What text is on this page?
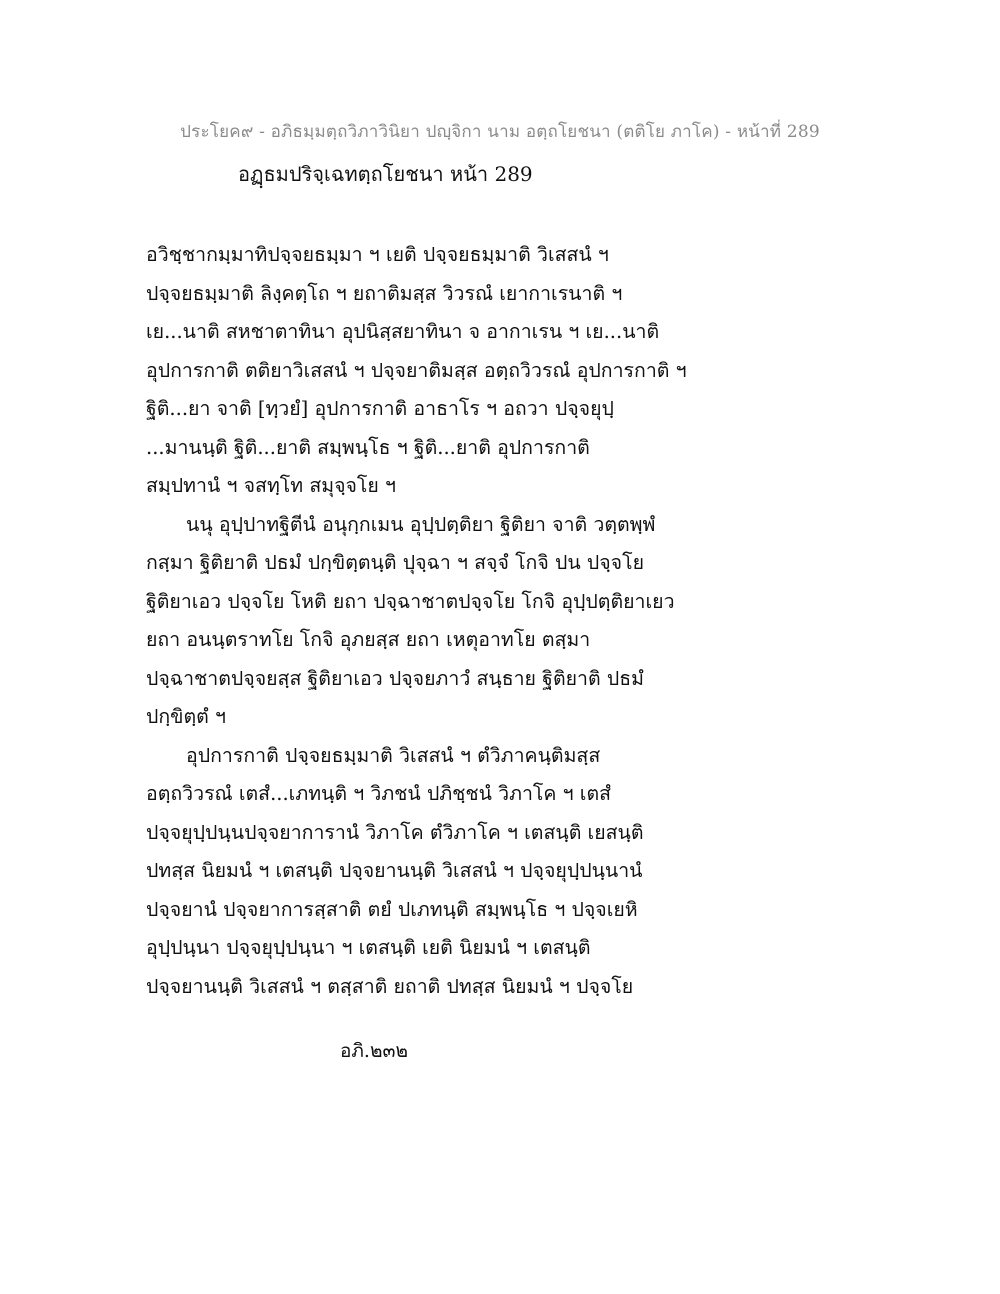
ประโยค๙ - อภิธมฺมตฺถวิภาวินิยา ปญฺจิกา นาม อตฺถโยชนา (ตติโย ภาโค) - หน้าที่ 289
อฏฺธมปริจฺเฉทตฺถโยชนา หน้า 289
อวิชฺชากมฺมาทิปจฺจยธมฺมา ฯ เยติ ปจฺจยธมฺมาติ วิเสสนํ ฯ
ปจฺจยธมฺมาติ ลิงฺคตฺโถ ฯ ยถาติมสฺส วิวรณํ เยากาเรนาติ ฯ
เย...นาติ สหชาตาทินา อุปนิสฺสยาทินา จ อากาเรน ฯ เย...นาติ
อุปการกาติ ตติยาวิเสสนํ ฯ ปจฺจยาติมสฺส อตฺถวิวรณํ อุปการกาติ ฯ
ฐิติ...ยา จาติ [ทฺวยํ] อุปการกาติ อาธาโร ฯ อถวา ปจฺจยุปฺ
...มานนฺติ ฐิติ...ยาติ สมฺพนฺโธ ฯ ฐิติ...ยาติ อุปการกาติ
สมฺปทานํ ฯ จสทฺโท สมุจฺจโย ฯ
นนุ อุปฺปาทฐิตีนํ อนุกฺกเมน อุปฺปตฺติยา ฐิติยา จาติ วตฺตพฺพํ
กสฺมา ฐิติยาติ ปธมํ ปกฺขิตฺตนฺติ ปุจฺฉา ฯ สจฺจํ โกจิ ปน ปจฺจโย
ฐิติยาเอว ปจฺจโย โหติ ยถา ปจฺฉาชาตปจฺจโย โกจิ อุปฺปตฺติยาเยว
ยถา อนนฺตราทโย โกจิ อุภยสฺส ยถา เหตุอาทโย ตสฺมา
ปจฺฉาชาตปจฺจยสฺส ฐิติยาเอว ปจฺจยภาวํ สนฺธาย ฐิติยาติ ปธมํ
ปกฺขิตฺตํ ฯ
อุปการกาติ ปจฺจยธมฺมาติ วิเสสนํ ฯ ตํวิภาคนฺติมสฺส
อตฺถวิวรณํ เตสํ...เภทนฺติ ฯ วิภชนํ ปภิชฺชนํ วิภาโค ฯ เตสํ
ปจฺจยุปฺปนฺนปจฺจยาการานํ วิภาโค ตํวิภาโค ฯ เตสนฺติ เยสนฺติ
ปทสฺส นิยมนํ ฯ เตสนฺติ ปจฺจยานนฺติ วิเสสนํ ฯ ปจฺจยุปฺปนฺนานํ
ปจฺจยานํ ปจฺจยาการสฺสาติ ตยํ ปเภทนฺติ สมฺพนฺโธ ฯ ปจฺจเยหิ
อุปฺปนฺนา ปจฺจยุปฺปนฺนา ฯ เตสนฺติ เยติ นิยมนํ ฯ เตสนฺติ
ปจฺจยานนฺติ วิเสสนํ ฯ ตสฺสาติ ยถาติ ปทสฺส นิยมนํ ฯ ปจฺจโย
อภิ.๒๓๒
